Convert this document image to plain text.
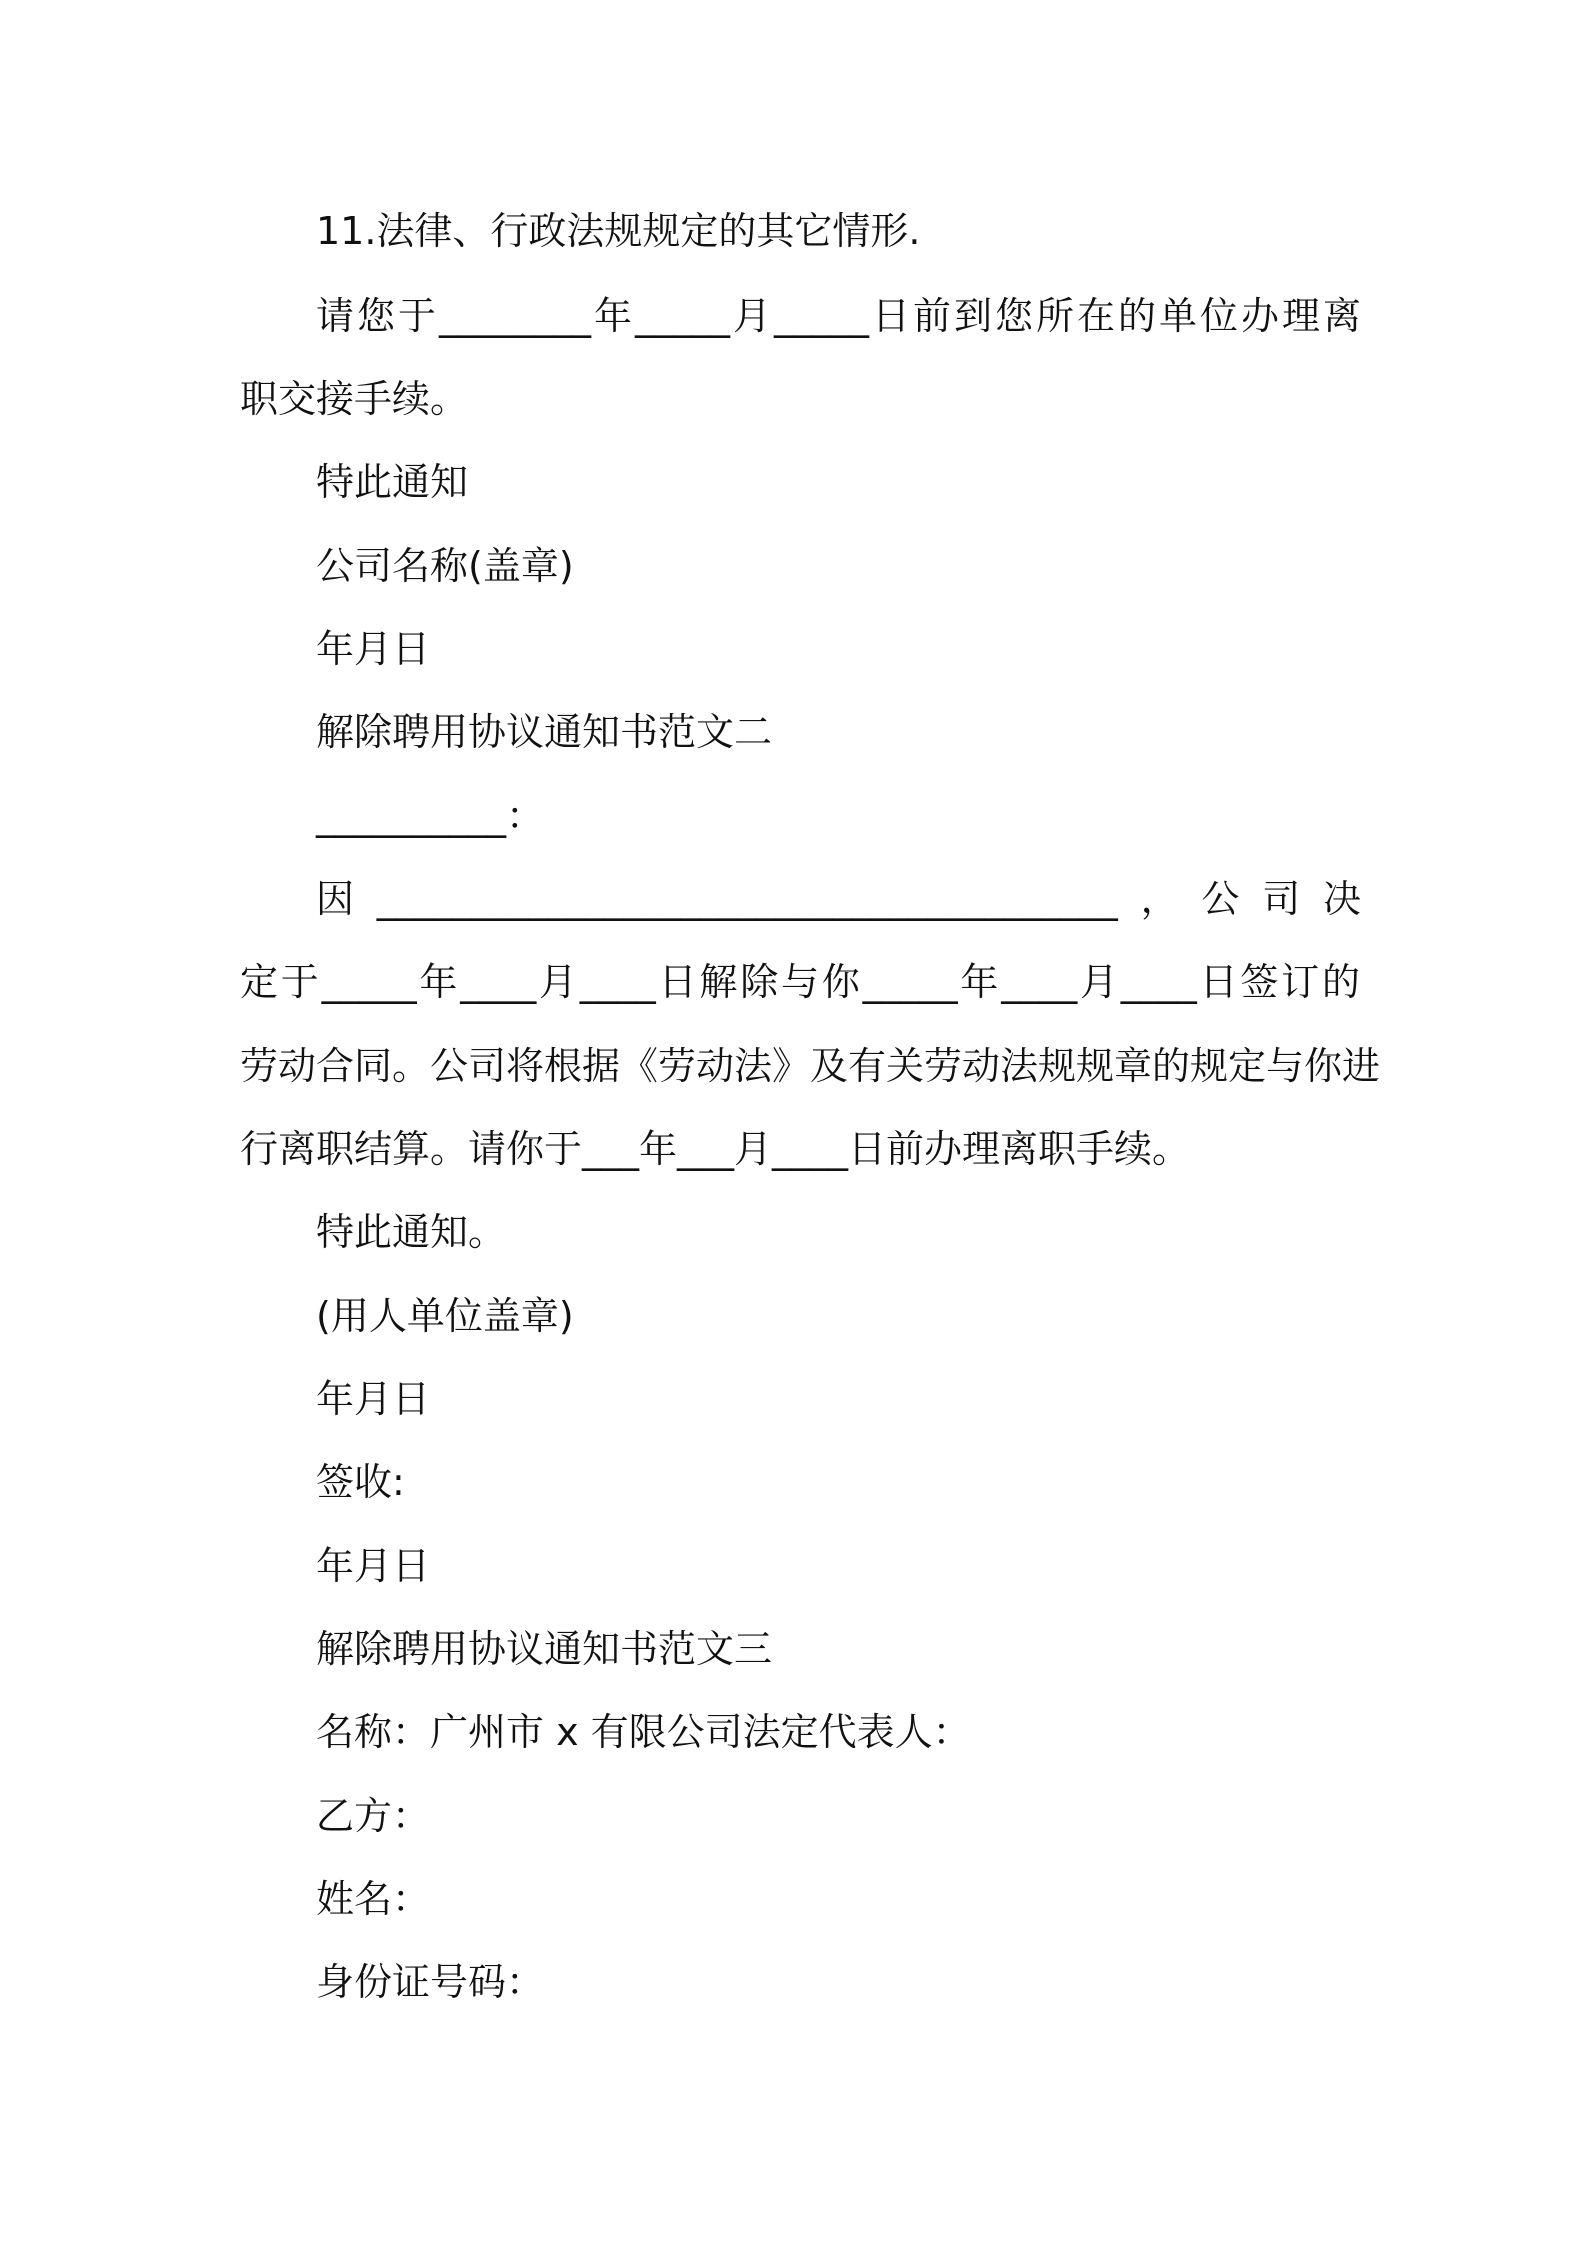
11.法律、行政法规规定的其它情形.
请您于________年_____月_____日前到您所在的单位办理离
职交接手续。
特此通知
公司名称(盖章)
年月日
解除聘用协议通知书范文二
__________：
因_______________________________________，公司决
定于_____年____月____日解除与你_____年____月____日签订的
劳动合同。公司将根据《劳动法》及有关劳动法规规章的规定与你进
行离职结算。请你于___年___月____日前办理离职手续。
特此通知。
(用人单位盖章)
年月日
签收:
年月日
解除聘用协议通知书范文三
名称：广州市 x 有限公司法定代表人：
乙方：
姓名：
身份证号码：
